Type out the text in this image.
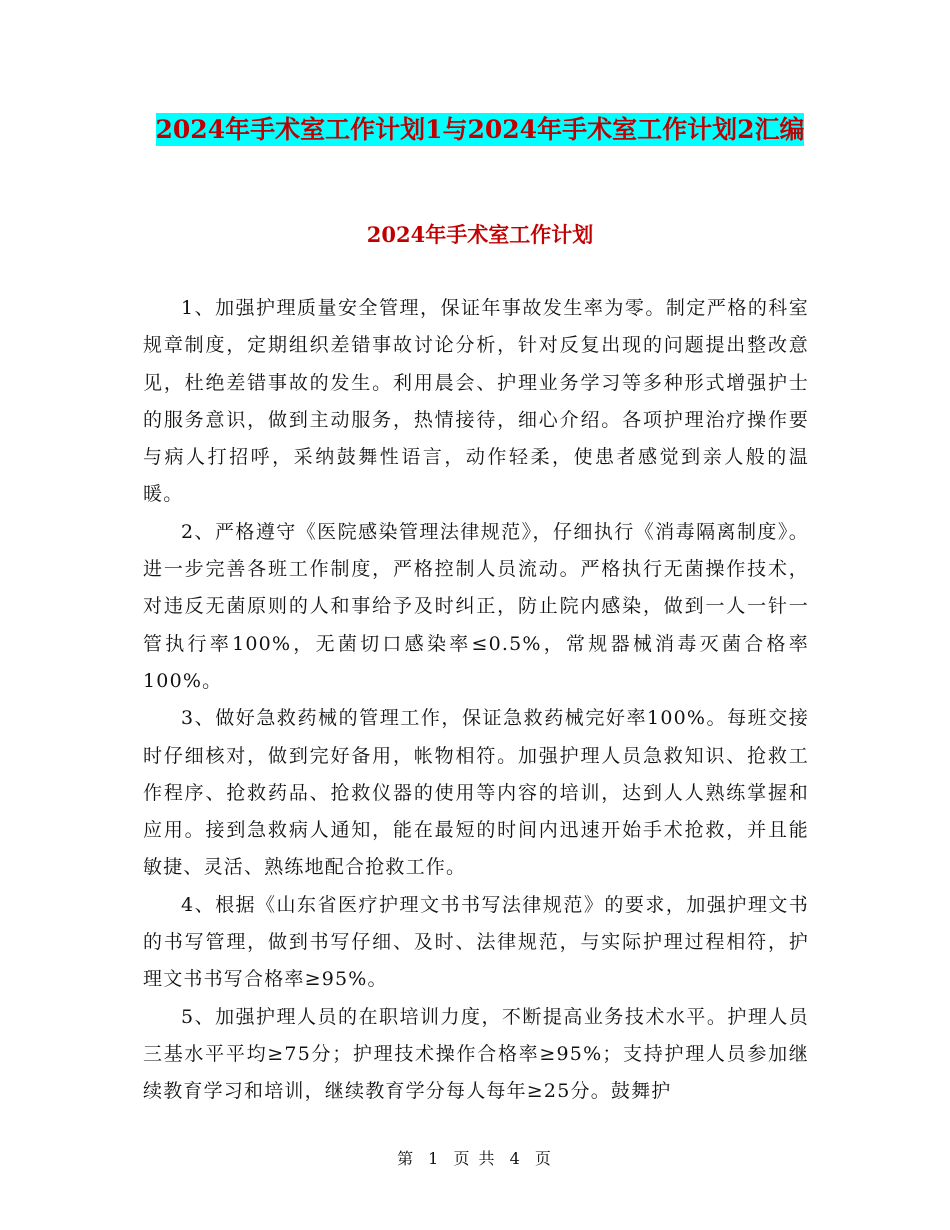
2024年手术室工作计划1与2024年手术室工作计划2汇编
2024年手术室工作计划

1、加强护理质量安全管理，保证年事故发生率为零。制定严格的科室规章制度，定期组织差错事故讨论分析，针对反复出现的问题提出整改意见，杜绝差错事故的发生。利用晨会、护理业务学习等多种形式增强护士的服务意识，做到主动服务，热情接待，细心介绍。各项护理治疗操作要与病人打招呼，采纳鼓舞性语言，动作轻柔，使患者感觉到亲人般的温暖。

2、严格遵守《医院感染管理法律规范》，仔细执行《消毒隔离制度》。进一步完善各班工作制度，严格控制人员流动。严格执行无菌操作技术，对违反无菌原则的人和事给予及时纠正，防止院内感染，做到一人一针一管执行率100%，无菌切口感染率≤0.5%，常规器械消毒灭菌合格率100%。

3、做好急救药械的管理工作，保证急救药械完好率100%。每班交接时仔细核对，做到完好备用，帐物相符。加强护理人员急救知识、抢救工作程序、抢救药品、抢救仪器的使用等内容的培训，达到人人熟练掌握和应用。接到急救病人通知，能在最短的时间内迅速开始手术抢救，并且能敏捷、灵活、熟练地配合抢救工作。

4、根据《山东省医疗护理文书书写法律规范》的要求，加强护理文书的书写管理，做到书写仔细、及时、法律规范，与实际护理过程相符，护理文书书写合格率≥95%。

5、加强护理人员的在职培训力度，不断提高业务技术水平。护理人员三基水平平均≥75分；护理技术操作合格率≥95%；支持护理人员参加继续教育学习和培训，继续教育学分每人每年≥25分。鼓舞护

第 1 页 共 4 页
